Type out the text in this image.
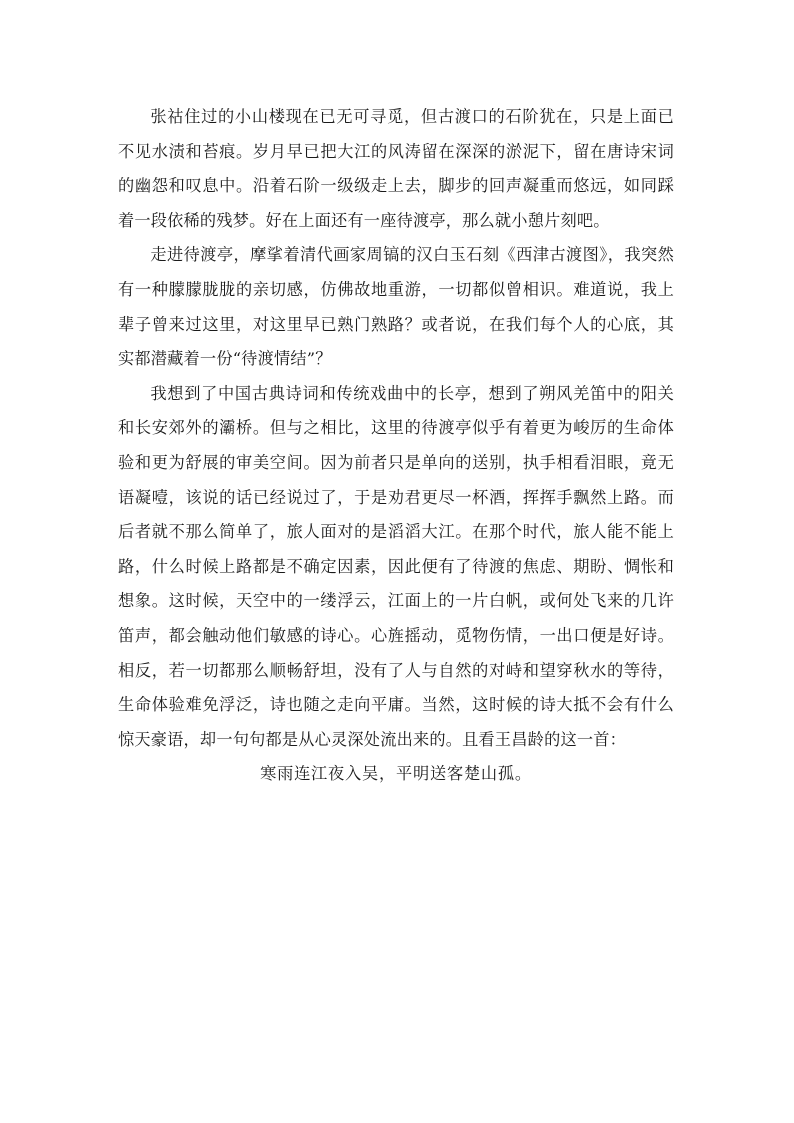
张祜住过的小山楼现在已无可寻觅，但古渡口的石阶犹在，只是上面已不见水渍和苔痕。岁月早已把大江的风涛留在深深的淤泥下，留在唐诗宋词的幽怨和叹息中。沿着石阶一级级走上去，脚步的回声凝重而悠远，如同踩着一段依稀的残梦。好在上面还有一座待渡亭，那么就小憩片刻吧。

走进待渡亭，摩挲着清代画家周镐的汉白玉石刻《西津古渡图》，我突然有一种朦朦胧胧的亲切感，仿佛故地重游，一切都似曾相识。难道说，我上辈子曾来过这里，对这里早已熟门熟路？或者说，在我们每个人的心底，其实都潜藏着一份“待渡情结”？

我想到了中国古典诗词和传统戏曲中的长亭，想到了朔风羌笛中的阳关和长安郊外的灞桥。但与之相比，这里的待渡亭似乎有着更为峻厉的生命体验和更为舒展的审美空间。因为前者只是单向的送别，执手相看泪眼，竟无语凝噎，该说的话已经说过了，于是劝君更尽一杯酒，挥挥手飘然上路。而后者就不那么简单了，旅人面对的是滔滔大江。在那个时代，旅人能不能上路，什么时候上路都是不确定因素，因此便有了待渡的焦虑、期盼、惆怅和想象。这时候，天空中的一缕浮云，江面上的一片白帆，或何处飞来的几许笛声，都会触动他们敏感的诗心。心旌摇动，觅物伤情，一出口便是好诗。相反，若一切都那么顺畅舒坦，没有了人与自然的对峙和望穿秋水的等待，生命体验难免浮泛，诗也随之走向平庸。当然，这时候的诗大抵不会有什么惊天豪语，却一句句都是从心灵深处流出来的。且看王昌龄的这一首：

寒雨连江夜入吴，平明送客楚山孤。
